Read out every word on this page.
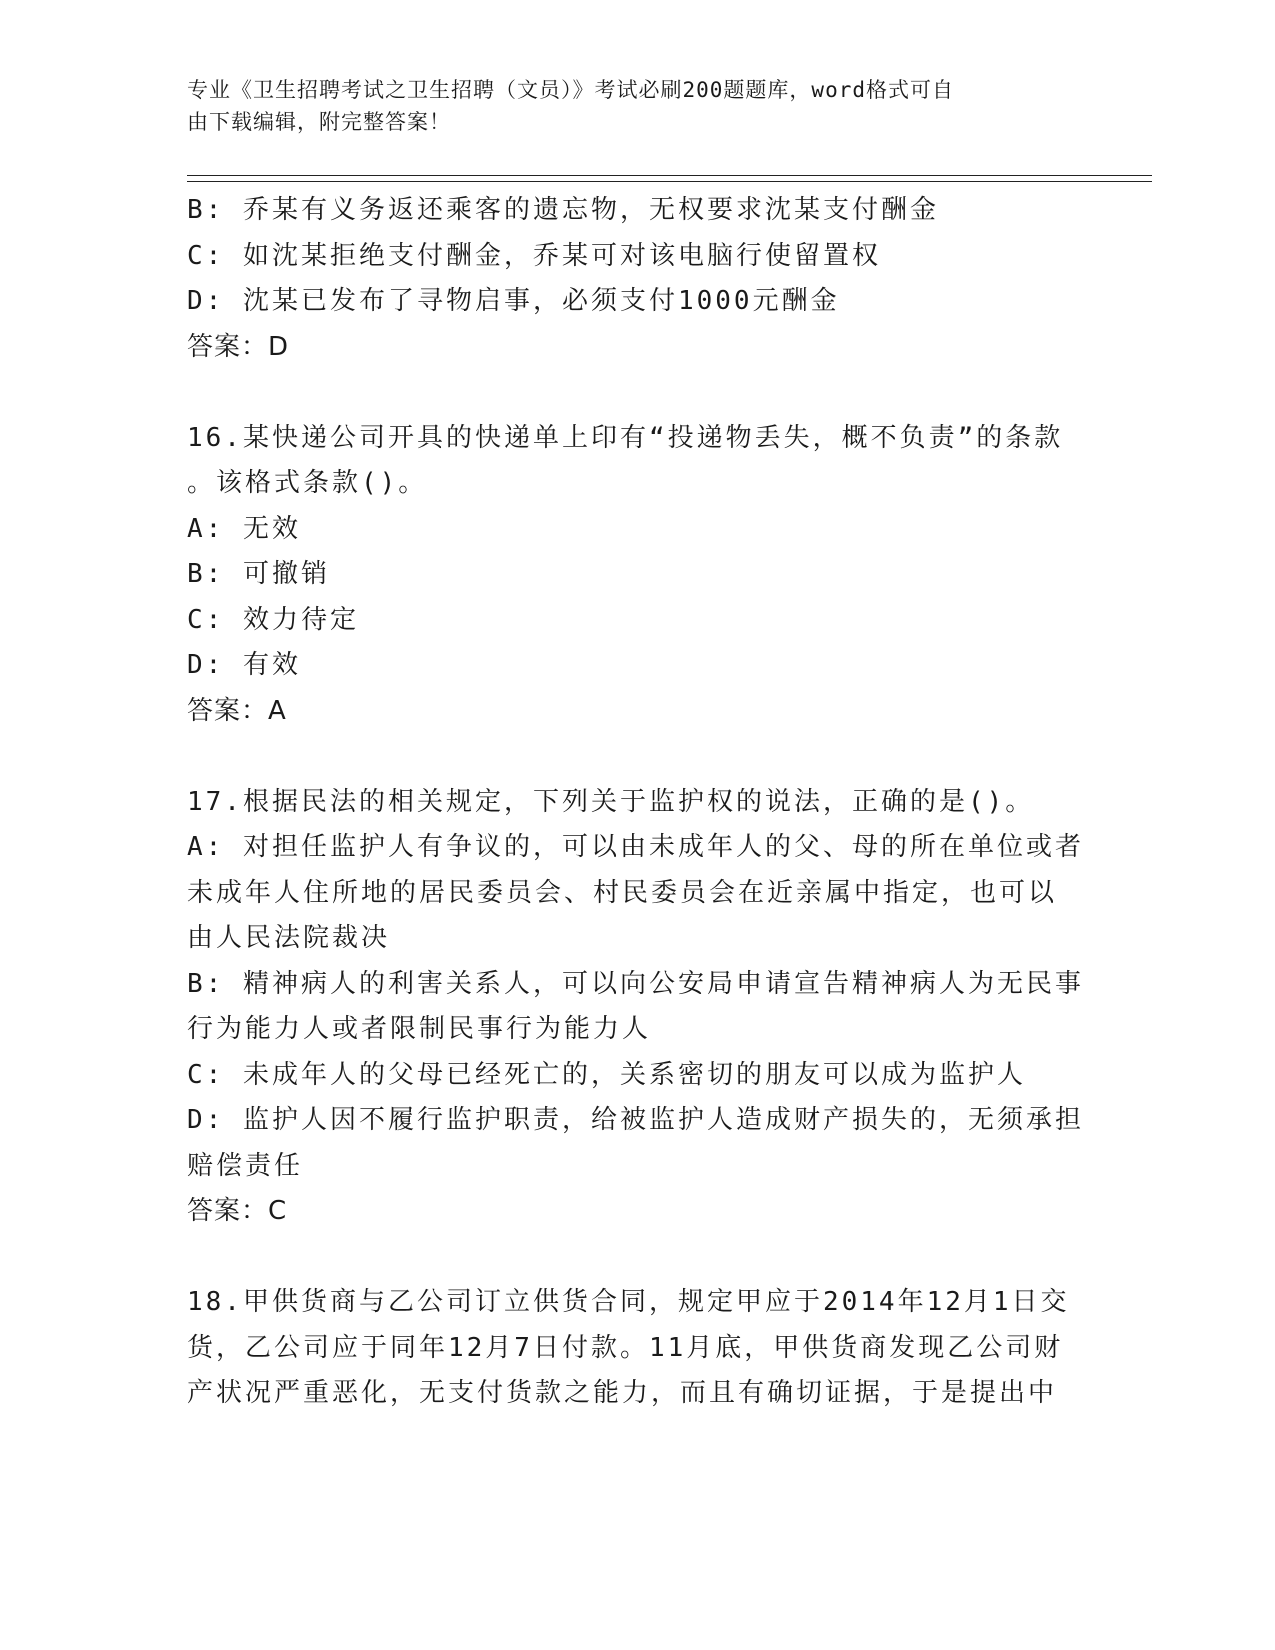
专业《卫生招聘考试之卫生招聘（文员）》考试必刷200题题库，word格式可自
由下载编辑，附完整答案！
B: 乔某有义务返还乘客的遗忘物，无权要求沈某支付酬金
C: 如沈某拒绝支付酬金，乔某可对该电脑行使留置权
D: 沈某已发布了寻物启事，必须支付1000元酬金
答案：D
16.某快递公司开具的快递单上印有“投递物丢失，概不负责”的条款
。该格式条款()。
A: 无效
B: 可撤销
C: 效力待定
D: 有效
答案：A
17.根据民法的相关规定，下列关于监护权的说法，正确的是()。
A: 对担任监护人有争议的，可以由未成年人的父、母的所在单位或者
未成年人住所地的居民委员会、村民委员会在近亲属中指定，也可以
由人民法院裁决
B: 精神病人的利害关系人，可以向公安局申请宣告精神病人为无民事
行为能力人或者限制民事行为能力人
C: 未成年人的父母已经死亡的，关系密切的朋友可以成为监护人
D: 监护人因不履行监护职责，给被监护人造成财产损失的，无须承担
赔偿责任
答案：C
18.甲供货商与乙公司订立供货合同，规定甲应于2014年12月1日交
货，乙公司应于同年12月7日付款。11月底，甲供货商发现乙公司财
产状况严重恶化，无支付货款之能力，而且有确切证据，于是提出中
